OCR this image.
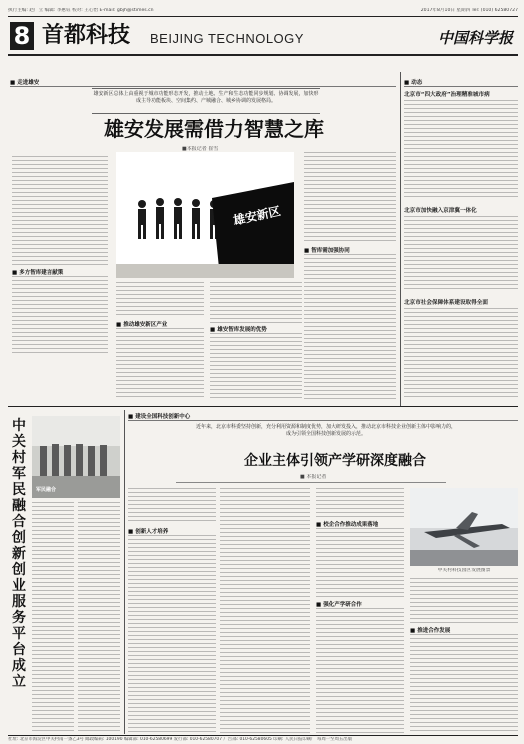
执行主编: 赵广立 编辑: 李惠钰 校对: 王心怡 E-mail: gbjh@stimes.cn	2017年8月10日 星期四 Tel: (010) 62580727
8 首都科技 BEIJING TECHNOLOGY	中国科学报
■ 走进雄安
雄安新区总体上由重视于城市功能形态开发，推动土地、生产和生态功能同步规划、协调发展，加快形成主导功能板块、空间集约、产城融合、城乡协调的发展格局。
雄安发展需借力智慧之库
■本报记者 崔雪
雄安新区
■ 多方智库建言献策
■ 推动雄安新区产业
■ 雄安智库发展的优势
■ 智库需加强协同
■ 动态
北京市“四大政府”治理精准城市病
北京市加快融入京津冀一体化
北京市社会保障体系建设取得全面
中关村军民融合创新创业服务平台成立
军民融合
■ 建设全国科技创新中心
近年来，北京市科委坚持创新，充分利用资源和制度优势，加大研发投入，推动北京市科技企业创新主体中影响力的，成为引领全国科技创新发展的示范。
企业主体引领产学研深度融合
■ 本报记者
■ 创新人才培养
■ 校企合作推动成果落地
■ 强化产学研合作
中关村科技园区发展图景
■ 推进合作发展
社址: 北京市海淀区中关村南一条乙3号 邮政编码: 100190 编辑部: 010-62580699 发行部: 010-62580707 广告部: 010-62580605 印刷: 人民日报印刷厂 每周一至周五出版
